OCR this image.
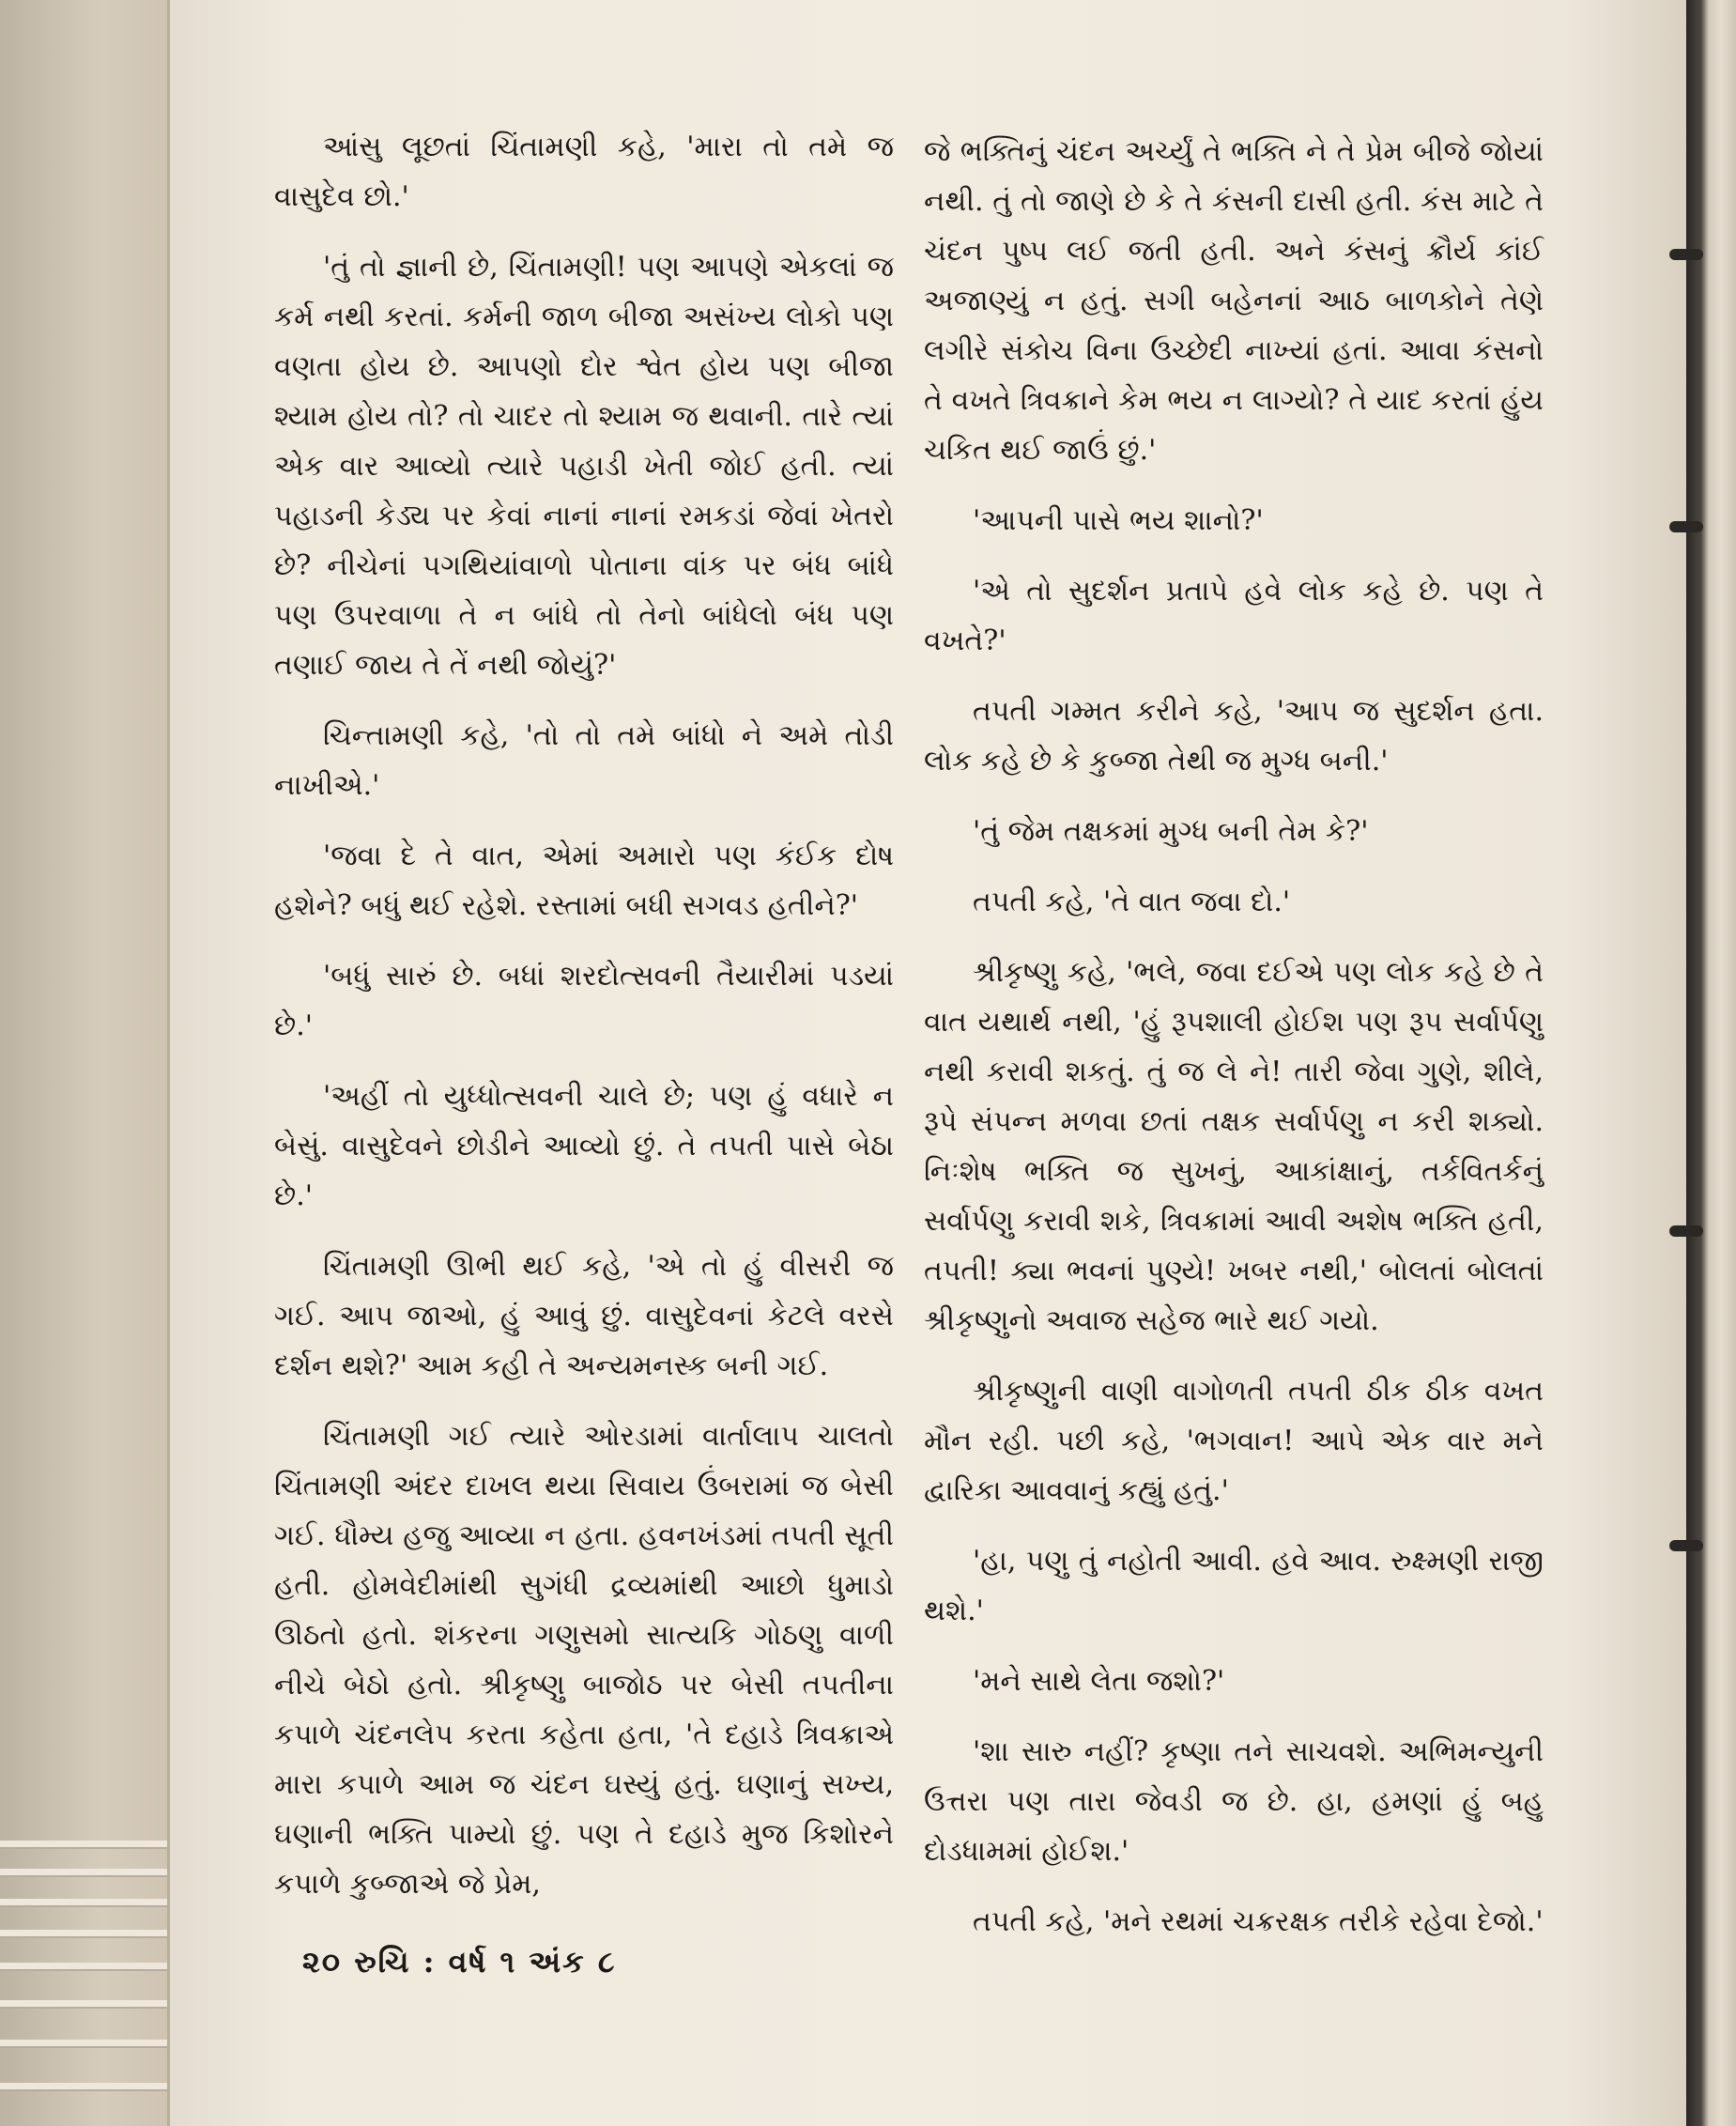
આંસુ લૂછતાં ચિંતામણી કહે, 'મારા તો તમે જ વાસુદેવ છો.'

'તું તો જ્ઞાની છે, ચિંતામણી! પણ આપણે એકલાં જ કર્મ નથી કરતાં. કર્મની જાળ બીજા અસંખ્ય લોકો પણ વણતા હોય છે. આપણો દોર શ્વેત હોય પણ બીજા શ્યામ હોય તો? તો ચાદર તો શ્યામ જ થવાની. તારે ત્યાં એક વાર આવ્યો ત્યારે પહાડી ખેતી જોઈ હતી. ત્યાં પહાડની કેડ્ય પર કેવાં નાનાં નાનાં રમકડાં જેવાં ખેતરો છે? નીચેનાં પગથિયાંવાળો પોતાના વાંક પર બંધ બાંધે પણ ઉપરવાળા તે ન બાંધે તો તેનો બાંધેલો બંધ પણ તણાઈ જાય તે તેં નથી જોયું?'

ચિન્તામણી કહે, 'તો તો તમે બાંધો ને અમે તોડી નાખીએ.'

'જવા દે તે વાત, એમાં અમારો પણ કંઈક દોષ હશેને? બધું થઈ રહેશે. રસ્તામાં બધી સગવડ હતીને?'

'બધું સારું છે. બધાં શરદોત્સવની તૈયારીમાં પડયાં છે.'

'અહીં તો યુધ્ધોત્સવની ચાલે છે; પણ હું વધારે ન બેસું. વાસુદેવને છોડીને આવ્યો છું. તે તપતી પાસે બેઠા છે.'

ચિંતામણી ઊભી થઈ કહે, 'એ તો હું વીસરી જ ગઈ. આપ જાઓ, હું આવું છું. વાસુદેવનાં કેટલે વરસે દર્શન થશે?' આમ કહી તે અન્યમનસ્ક બની ગઈ.

ચિંતામણી ગઈ ત્યારે ઓરડામાં વાર્તાલાપ ચાલતો ચિંતામણી અંદર દાખલ થયા સિવાય ઉંબરામાં જ બેસી ગઈ. ધૌમ્ય હજુ આવ્યા ન હતા. હવનખંડમાં તપતી સૂતી હતી. હોમવેદીમાંથી સુગંધી દ્રવ્યમાંથી આછો ધુમાડો ઊઠતો હતો. શંકરના ગણુસમો સાત્યકિ ગોઠણુ વાળી નીચે બેઠો હતો. શ્રીકૃષ્ણુ બાજોઠ પર બેસી તપતીના કપાળે ચંદનલેપ કરતા કહેતા હતા, 'તે દહાડે ત્રિવક્રાએ મારા કપાળે આમ જ ચંદન ઘસ્યું હતું. ઘણાનું સખ્ય, ઘણાની ભક્તિ પામ્યો છું. પણ તે દહાડે મુજ કિશોરને કપાળે કુબ્જાએ જે પ્રેમ,

જે ભક્તિનું ચંદન અર્ચ્યું તે ભક્તિ ને તે પ્રેમ બીજે જોયાં નથી. તું તો જાણે છે કે તે કંસની દાસી હતી. કંસ માટે તે ચંદન પુષ્પ લઈ જતી હતી. અને કંસનું ક્રૌર્ય કાંઈ અજાણ્યું ન હતું. સગી બહેનનાં આઠ બાળકોને તેણે લગીરે સંકોચ વિના ઉચ્છેદી નાખ્યાં હતાં. આવા કંસનો તે વખતે ત્રિવક્રાને કેમ ભય ન લાગ્યો? તે યાદ કરતાં હુંય ચકિત થઈ જાઉં છું.'

'આપની પાસે ભય શાનો?'

'એ તો સુદર્શન પ્રતાપે હવે લોક કહે છે. પણ તે વખતે?'

તપતી ગમ્મત કરીને કહે, 'આપ જ સુદર્શન હતા. લોક કહે છે કે કુબ્જા તેથી જ મુગ્ધ બની.'

'તું જેમ તક્ષકમાં મુગ્ધ બની તેમ કે?'

તપતી કહે, 'તે વાત જવા દો.'

શ્રીકૃષ્ણુ કહે, 'ભલે, જવા દઈએ પણ લોક કહે છે તે વાત યથાર્થ નથી, 'હું રૂપશાલી હોઈશ પણ રૂપ સર્વાર્પણુ નથી કરાવી શકતું. તું જ લે ને! તારી જેવા ગુણે, શીલે, રૂપે સંપન્ન મળવા છતાં તક્ષક સર્વાર્પણુ ન કરી શક્યો. નિઃશેષ ભક્તિ જ સુખનું, આકાંક્ષાનું, તર્કવિતર્કનું સર્વાર્પણુ કરાવી શકે, ત્રિવક્રામાં આવી અશેષ ભક્તિ હતી, તપતી! ક્યા ભવનાં પુણ્યે! ખબર નથી,' બોલતાં બોલતાં શ્રીકૃષ્ણુનો અવાજ સહેજ ભારે થઈ ગયો.

શ્રીકૃષ્ણુની વાણી વાગોળતી તપતી ઠીક ઠીક વખત મૌન રહી. પછી કહે, 'ભગવાન! આપે એક વાર મને દ્વારિકા આવવાનું કહ્યું હતું.'

'હા, પણુ તું નહોતી આવી. હવે આવ. રુક્ષ્મણી રાજી થશે.'

'મને સાથે લેતા જશો?'

'શા સારુ નહીં? કૃષ્ણા તને સાચવશે. અભિમન્યુની ઉત્તરા પણ તારા જેવડી જ છે. હા, હમણાં હું બહુ દોડધામમાં હોઈશ.'

તપતી કહે, 'મને રથમાં ચક્રરક્ષક તરીકે રહેવા દેજો.'

૨૦ રુચિ : વર્ષ ૧ અંક ૮
